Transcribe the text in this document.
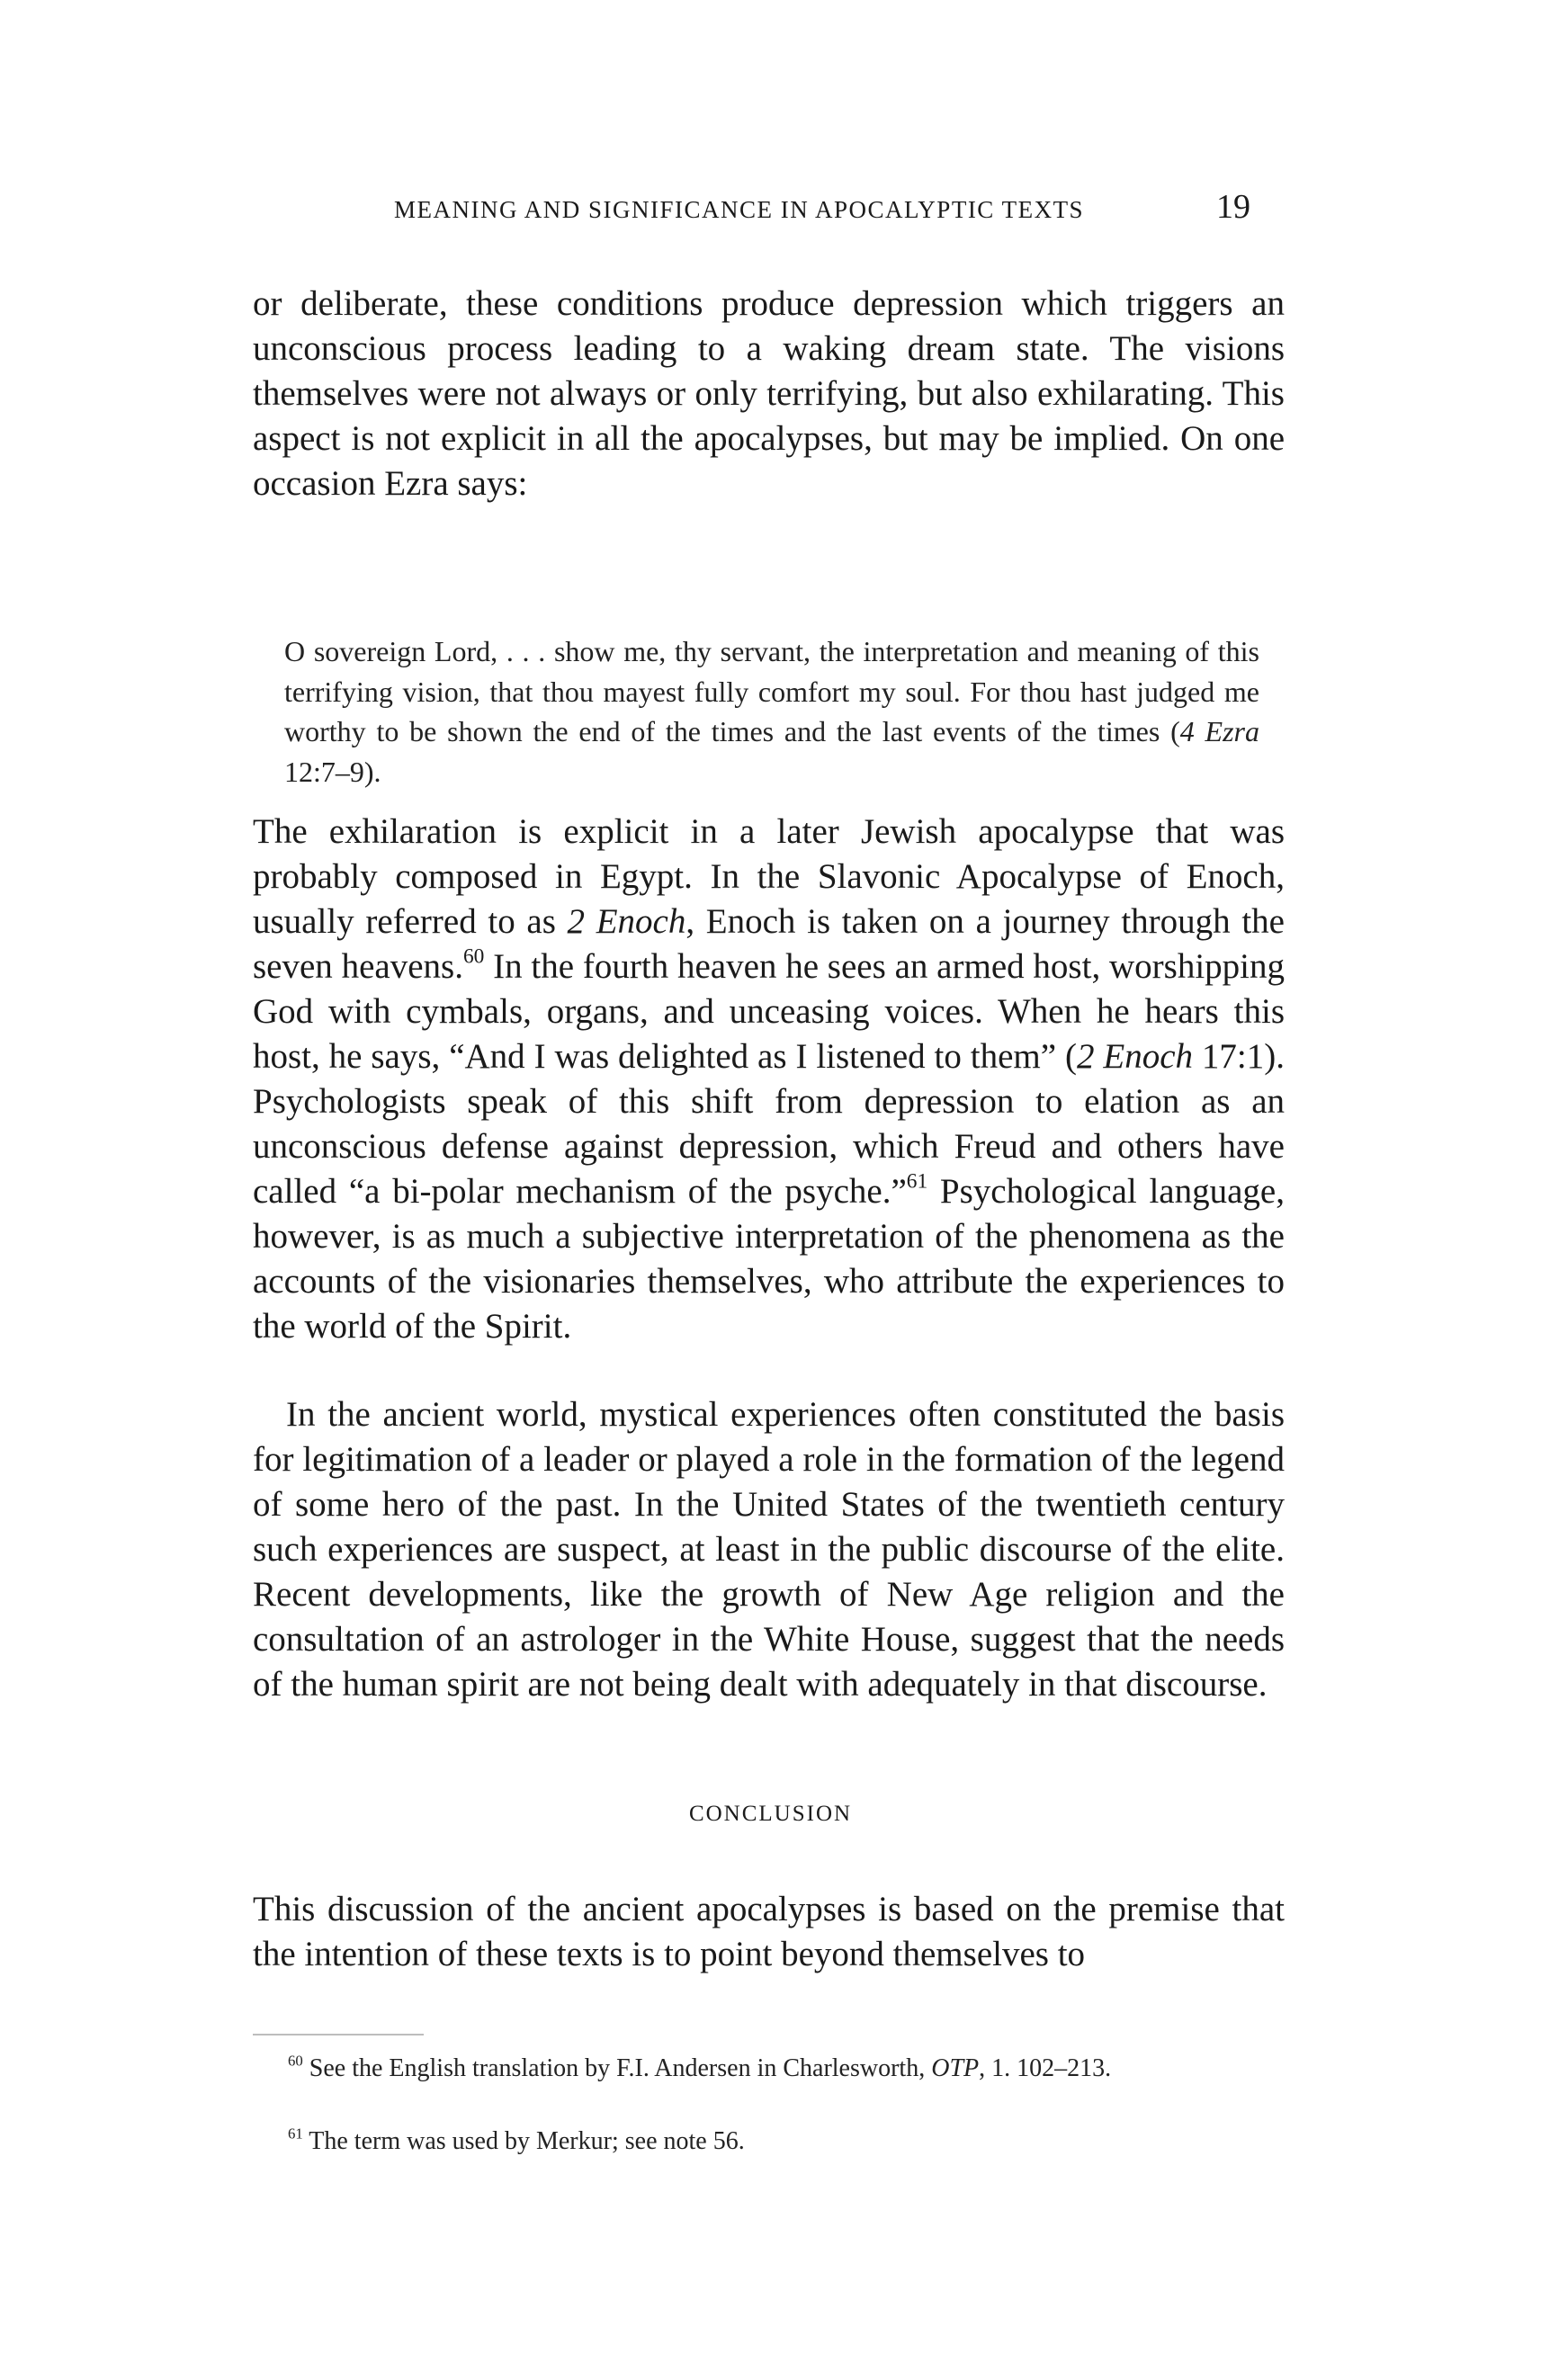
MEANING AND SIGNIFICANCE IN APOCALYPTIC TEXTS	19

or deliberate, these conditions produce depression which triggers an unconscious process leading to a waking dream state. The visions themselves were not always or only terrifying, but also exhilarating. This aspect is not explicit in all the apocalypses, but may be implied. On one occasion Ezra says:

O sovereign Lord, . . . show me, thy servant, the interpretation and meaning of this terrifying vision, that thou mayest fully comfort my soul. For thou hast judged me worthy to be shown the end of the times and the last events of the times (4 Ezra 12:7–9).

The exhilaration is explicit in a later Jewish apocalypse that was probably composed in Egypt. In the Slavonic Apocalypse of Enoch, usually referred to as 2 Enoch, Enoch is taken on a journey through the seven heavens.$^{60}$ In the fourth heaven he sees an armed host, worshipping God with cymbals, organs, and unceasing voices. When he hears this host, he says, “And I was delighted as I listened to them” (2 Enoch 17:1). Psychologists speak of this shift from depression to elation as an unconscious defense against depression, which Freud and others have called “a bi-polar mechanism of the psyche.”$^{61}$ Psychological language, however, is as much a subjective interpretation of the phenomena as the accounts of the visionaries themselves, who attribute the experiences to the world of the Spirit.

In the ancient world, mystical experiences often constituted the basis for legitimation of a leader or played a role in the formation of the legend of some hero of the past. In the United States of the twentieth century such experiences are suspect, at least in the public discourse of the elite. Recent developments, like the growth of New Age religion and the consultation of an astrologer in the White House, suggest that the needs of the human spirit are not being dealt with adequately in that discourse.

CONCLUSION

This discussion of the ancient apocalypses is based on the premise that the intention of these texts is to point beyond themselves to

$^{60}$ See the English translation by F.I. Andersen in Charlesworth, OTP, 1. 102–213.

$^{61}$ The term was used by Merkur; see note 56.
